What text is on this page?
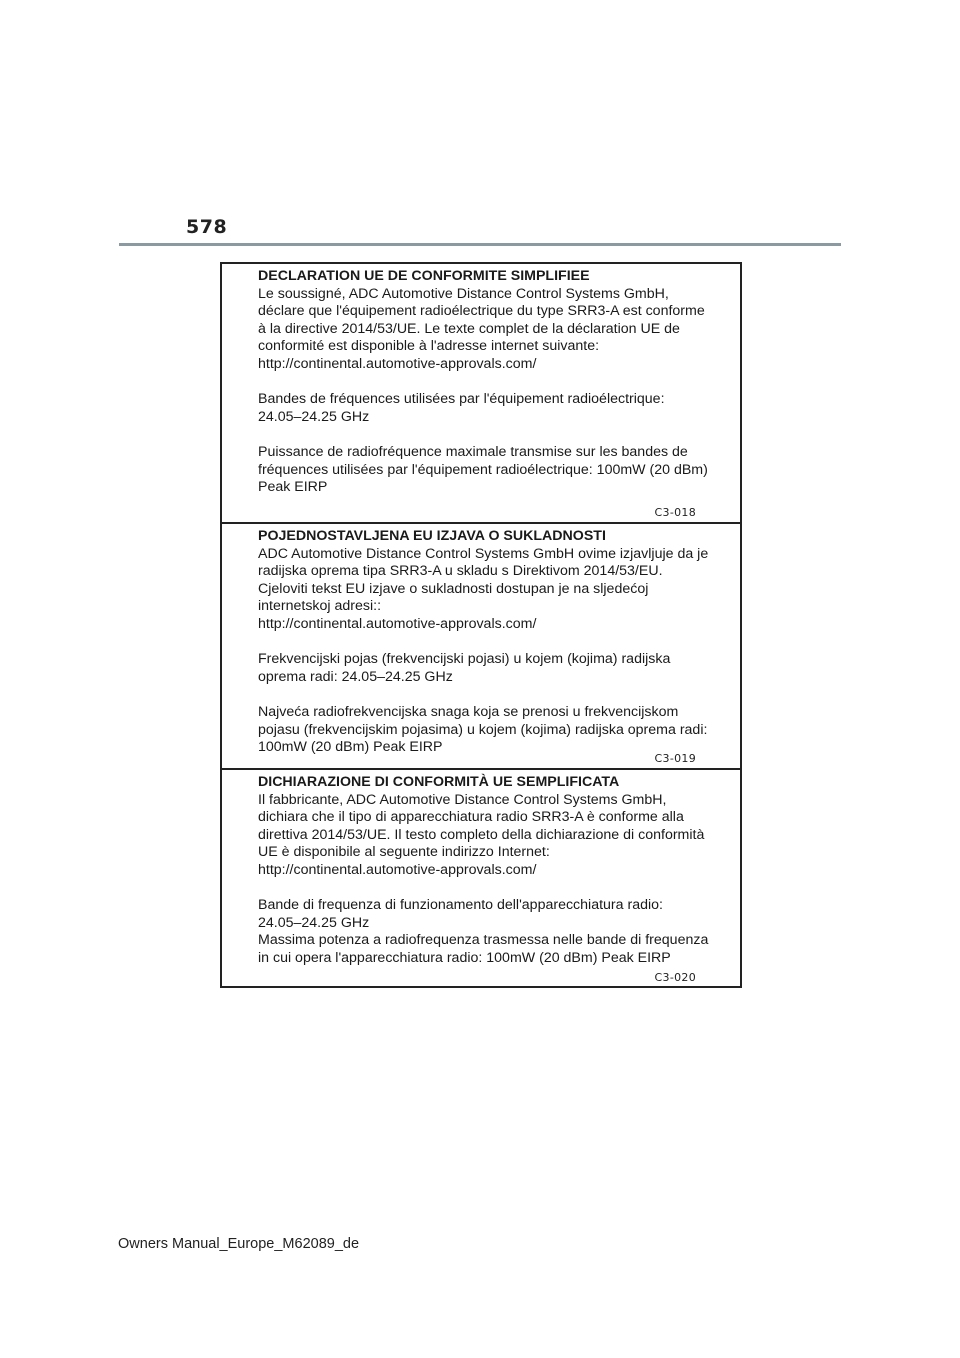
578

DECLARATION UE DE CONFORMITE SIMPLIFIEE

Le soussigné, ADC Automotive Distance Control Systems GmbH,

déclare que l'équipement radioélectrique du type SRR3-A est conforme

à la directive 2014/53/UE. Le texte complet de la déclaration UE de

conformité est disponible à l'adresse internet suivante:

http://continental.automotive-approvals.com/

Bandes de fréquences utilisées par l'équipement radioélectrique:

24.05–24.25 GHz

Puissance de radiofréquence maximale transmise sur les bandes de

fréquences utilisées par l'équipement radioélectrique: 100mW (20 dBm)

Peak EIRP

C3-018

POJEDNOSTAVLJENA EU IZJAVA O SUKLADNOSTI

ADC Automotive Distance Control Systems GmbH ovime izjavljuje da je

radijska oprema tipa SRR3-A u skladu s Direktivom 2014/53/EU.

Cjeloviti tekst EU izjave o sukladnosti dostupan je na sljedećoj

internetskoj adresi::

http://continental.automotive-approvals.com/

Frekvencijski pojas (frekvencijski pojasi) u kojem (kojima) radijska

oprema radi: 24.05–24.25 GHz

Najveća radiofrekvencijska snaga koja se prenosi u frekvencijskom

pojasu (frekvencijskim pojasima) u kojem (kojima) radijska oprema radi:

100mW (20 dBm) Peak EIRP

C3-019

DICHIARAZIONE DI CONFORMITÀ UE SEMPLIFICATA

Il fabbricante, ADC Automotive Distance Control Systems GmbH,

dichiara che il tipo di apparecchiatura radio SRR3-A è conforme alla

direttiva 2014/53/UE. Il testo completo della dichiarazione di conformità

UE è disponibile al seguente indirizzo Internet:

http://continental.automotive-approvals.com/

Bande di frequenza di funzionamento dell'apparecchiatura radio:

24.05–24.25 GHz

Massima potenza a radiofrequenza trasmessa nelle bande di frequenza

in cui opera l'apparecchiatura radio: 100mW (20 dBm) Peak EIRP

C3-020
Owners Manual_Europe_M62089_de
